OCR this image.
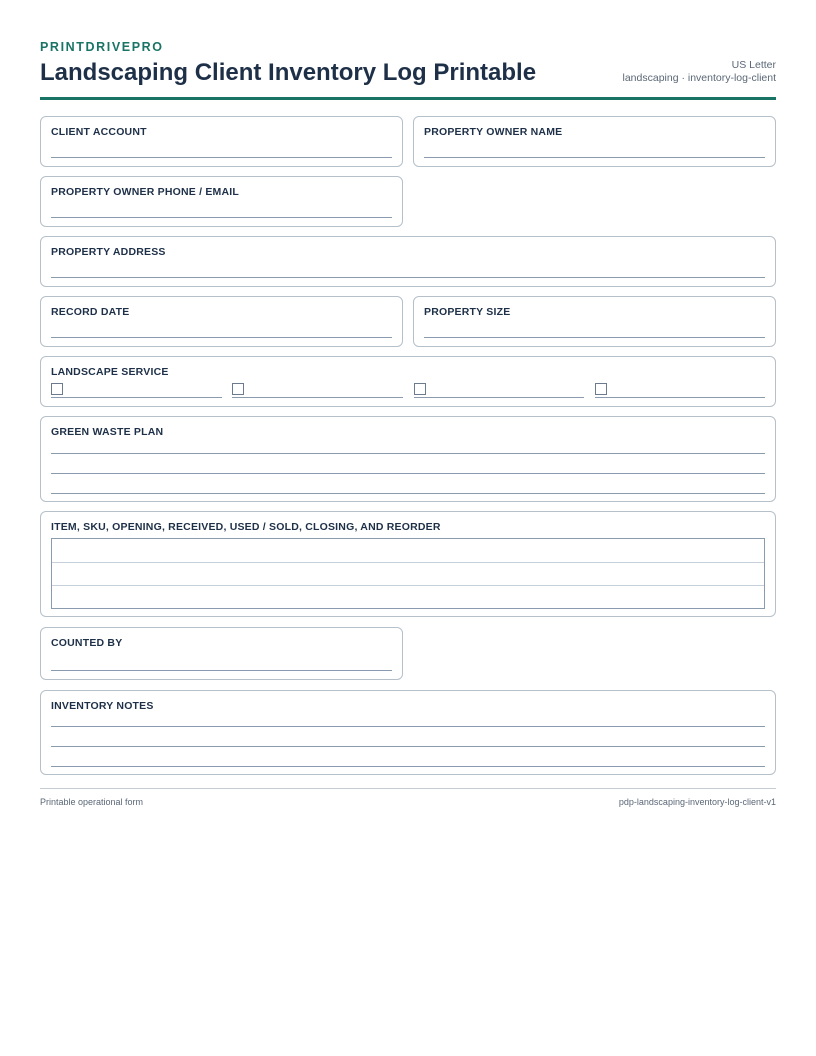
PRINTDRIVEPRO
Landscaping Client Inventory Log Printable	US Letter
landscaping · inventory-log-client
CLIENT ACCOUNT	PROPERTY OWNER NAME
PROPERTY OWNER PHONE / EMAIL
PROPERTY ADDRESS
RECORD DATE	PROPERTY SIZE
LANDSCAPE SERVICE
GREEN WASTE PLAN
ITEM, SKU, OPENING, RECEIVED, USED / SOLD, CLOSING, AND REORDER
COUNTED BY
INVENTORY NOTES
Printable operational form	pdp-landscaping-inventory-log-client-v1
